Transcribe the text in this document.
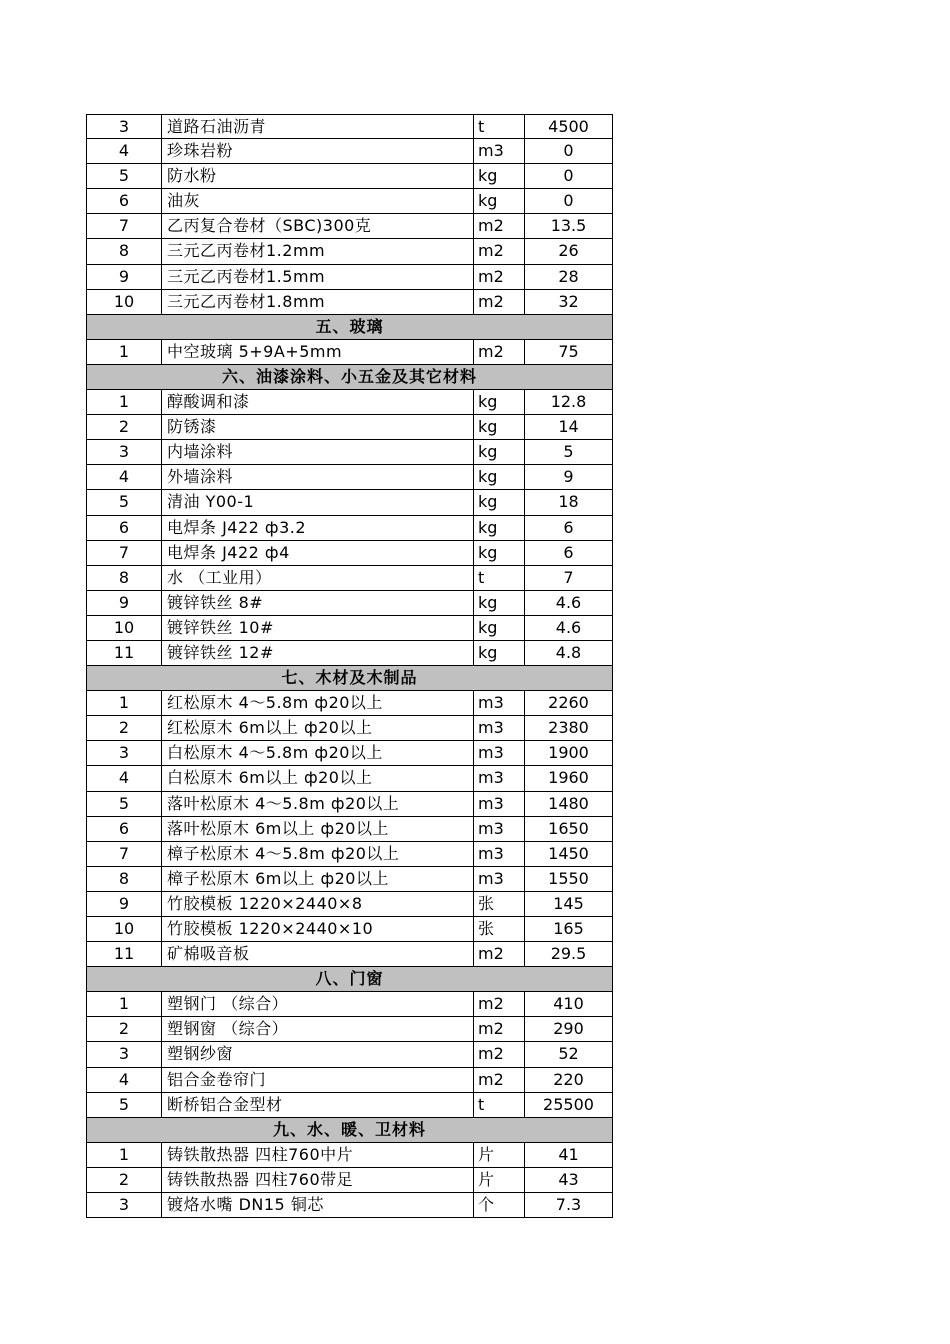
3	道路石油沥青	t	4500
4	珍珠岩粉	m3	0
5	防水粉	kg	0
6	油灰	kg	0
7	乙丙复合卷材（SBC)300克	m2	13.5
8	三元乙丙卷材1.2mm	m2	26
9	三元乙丙卷材1.5mm	m2	28
10	三元乙丙卷材1.8mm	m2	32
五、玻璃
1	中空玻璃 5+9A+5mm	m2	75
六、油漆涂料、小五金及其它材料
1	醇酸调和漆	kg	12.8
2	防锈漆	kg	14
3	内墙涂料	kg	5
4	外墙涂料	kg	9
5	清油 Y00-1	kg	18
6	电焊条 J422 ф3.2	kg	6
7	电焊条 J422 ф4	kg	6
8	水 （工业用）	t	7
9	镀锌铁丝 8#	kg	4.6
10	镀锌铁丝 10#	kg	4.6
11	镀锌铁丝 12#	kg	4.8
七、木材及木制品
1	红松原木 4～5.8m ф20以上	m3	2260
2	红松原木 6m以上 ф20以上	m3	2380
3	白松原木 4～5.8m ф20以上	m3	1900
4	白松原木 6m以上 ф20以上	m3	1960
5	落叶松原木 4～5.8m ф20以上	m3	1480
6	落叶松原木 6m以上 ф20以上	m3	1650
7	樟子松原木 4～5.8m ф20以上	m3	1450
8	樟子松原木 6m以上 ф20以上	m3	1550
9	竹胶模板 1220×2440×8	张	145
10	竹胶模板 1220×2440×10	张	165
11	矿棉吸音板	m2	29.5
八、门窗
1	塑钢门 （综合）	m2	410
2	塑钢窗 （综合）	m2	290
3	塑钢纱窗	m2	52
4	铝合金卷帘门	m2	220
5	断桥铝合金型材	t	25500
九、水、暖、卫材料
1	铸铁散热器 四柱760中片	片	41
2	铸铁散热器 四柱760带足	片	43
3	镀烙水嘴 DN15 铜芯	个	7.3
